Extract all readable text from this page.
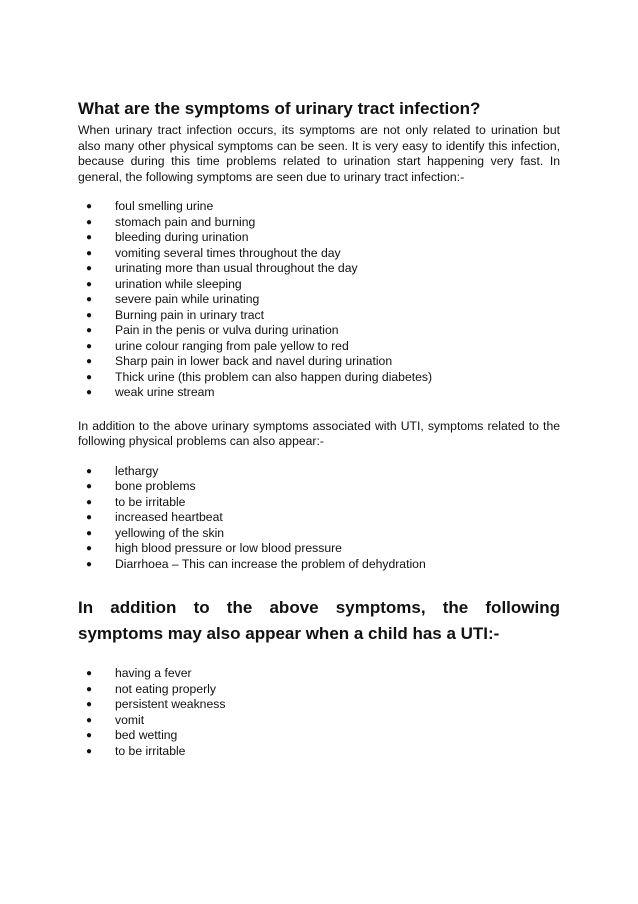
What are the symptoms of urinary tract infection?

When urinary tract infection occurs, its symptoms are not only related to urination but also many other physical symptoms can be seen. It is very easy to identify this infection, because during this time problems related to urination start happening very fast. In general, the following symptoms are seen due to urinary tract infection:-

● foul smelling urine
● stomach pain and burning
● bleeding during urination
● vomiting several times throughout the day
● urinating more than usual throughout the day
● urination while sleeping
● severe pain while urinating
● Burning pain in urinary tract
● Pain in the penis or vulva during urination
● urine colour ranging from pale yellow to red
● Sharp pain in lower back and navel during urination
● Thick urine (this problem can also happen during diabetes)
● weak urine stream

In addition to the above urinary symptoms associated with UTI, symptoms related to the following physical problems can also appear:-

● lethargy
● bone problems
● to be irritable
● increased heartbeat
● yellowing of the skin
● high blood pressure or low blood pressure
● Diarrhoea – This can increase the problem of dehydration
In addition to the above symptoms, the following symptoms may also appear when a child has a UTI:-
● having a fever
● not eating properly
● persistent weakness
● vomit
● bed wetting
● to be irritable
